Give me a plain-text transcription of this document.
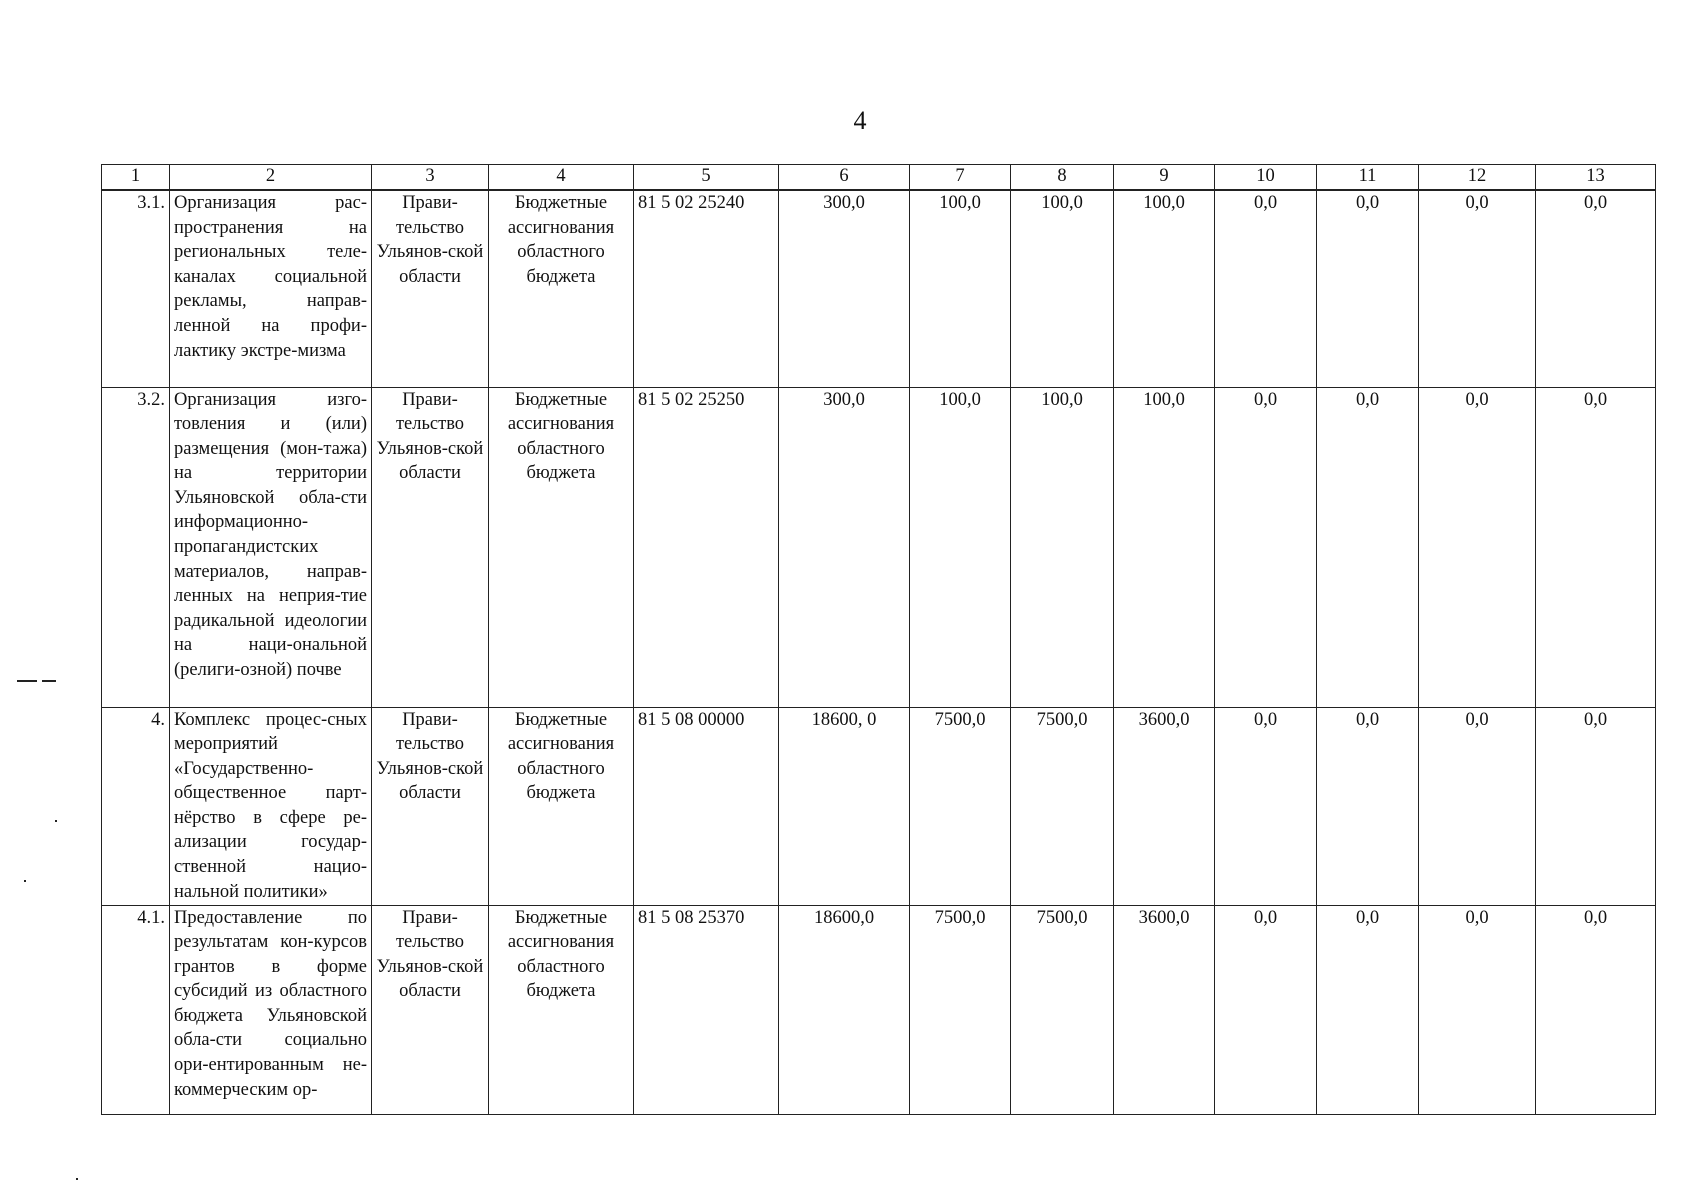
4
1	2	3	4	5	6	7	8	9	10	11	12	13
3.1.	Организация рас-пространения на региональных теле-каналах социальной рекламы, направ-ленной на профи-лактику экстре-мизма	Прави-тельство Ульянов-ской области	Бюджетные ассигнования областного бюджета	81 5 02 25240	300,0	100,0	100,0	100,0	0,0	0,0	0,0	0,0
3.2.	Организация изго-товления и (или) размещения (мон-тажа) на территории Ульяновской обла-сти информационно-пропагандистских материалов, направ-ленных на неприя-тие радикальной идеологии на наци-ональной (религи-озной) почве	Прави-тельство Ульянов-ской области	Бюджетные ассигнования областного бюджета	81 5 02 25250	300,0	100,0	100,0	100,0	0,0	0,0	0,0	0,0
4.	Комплекс процес-сных мероприятий «Государственно-общественное парт-нёрство в сфере ре-ализации государ-ственной нацио-нальной политики»	Прави-тельство Ульянов-ской области	Бюджетные ассигнования областного бюджета	81 5 08 00000	18600, 0	7500,0	7500,0	3600,0	0,0	0,0	0,0	0,0
4.1.	Предоставление по результатам кон-курсов грантов в форме субсидий из областного бюджета Ульяновской обла-сти социально ори-ентированным не-коммерческим ор-	Прави-тельство Ульянов-ской области	Бюджетные ассигнования областного бюджета	81 5 08 25370	18600,0	7500,0	7500,0	3600,0	0,0	0,0	0,0	0,0
